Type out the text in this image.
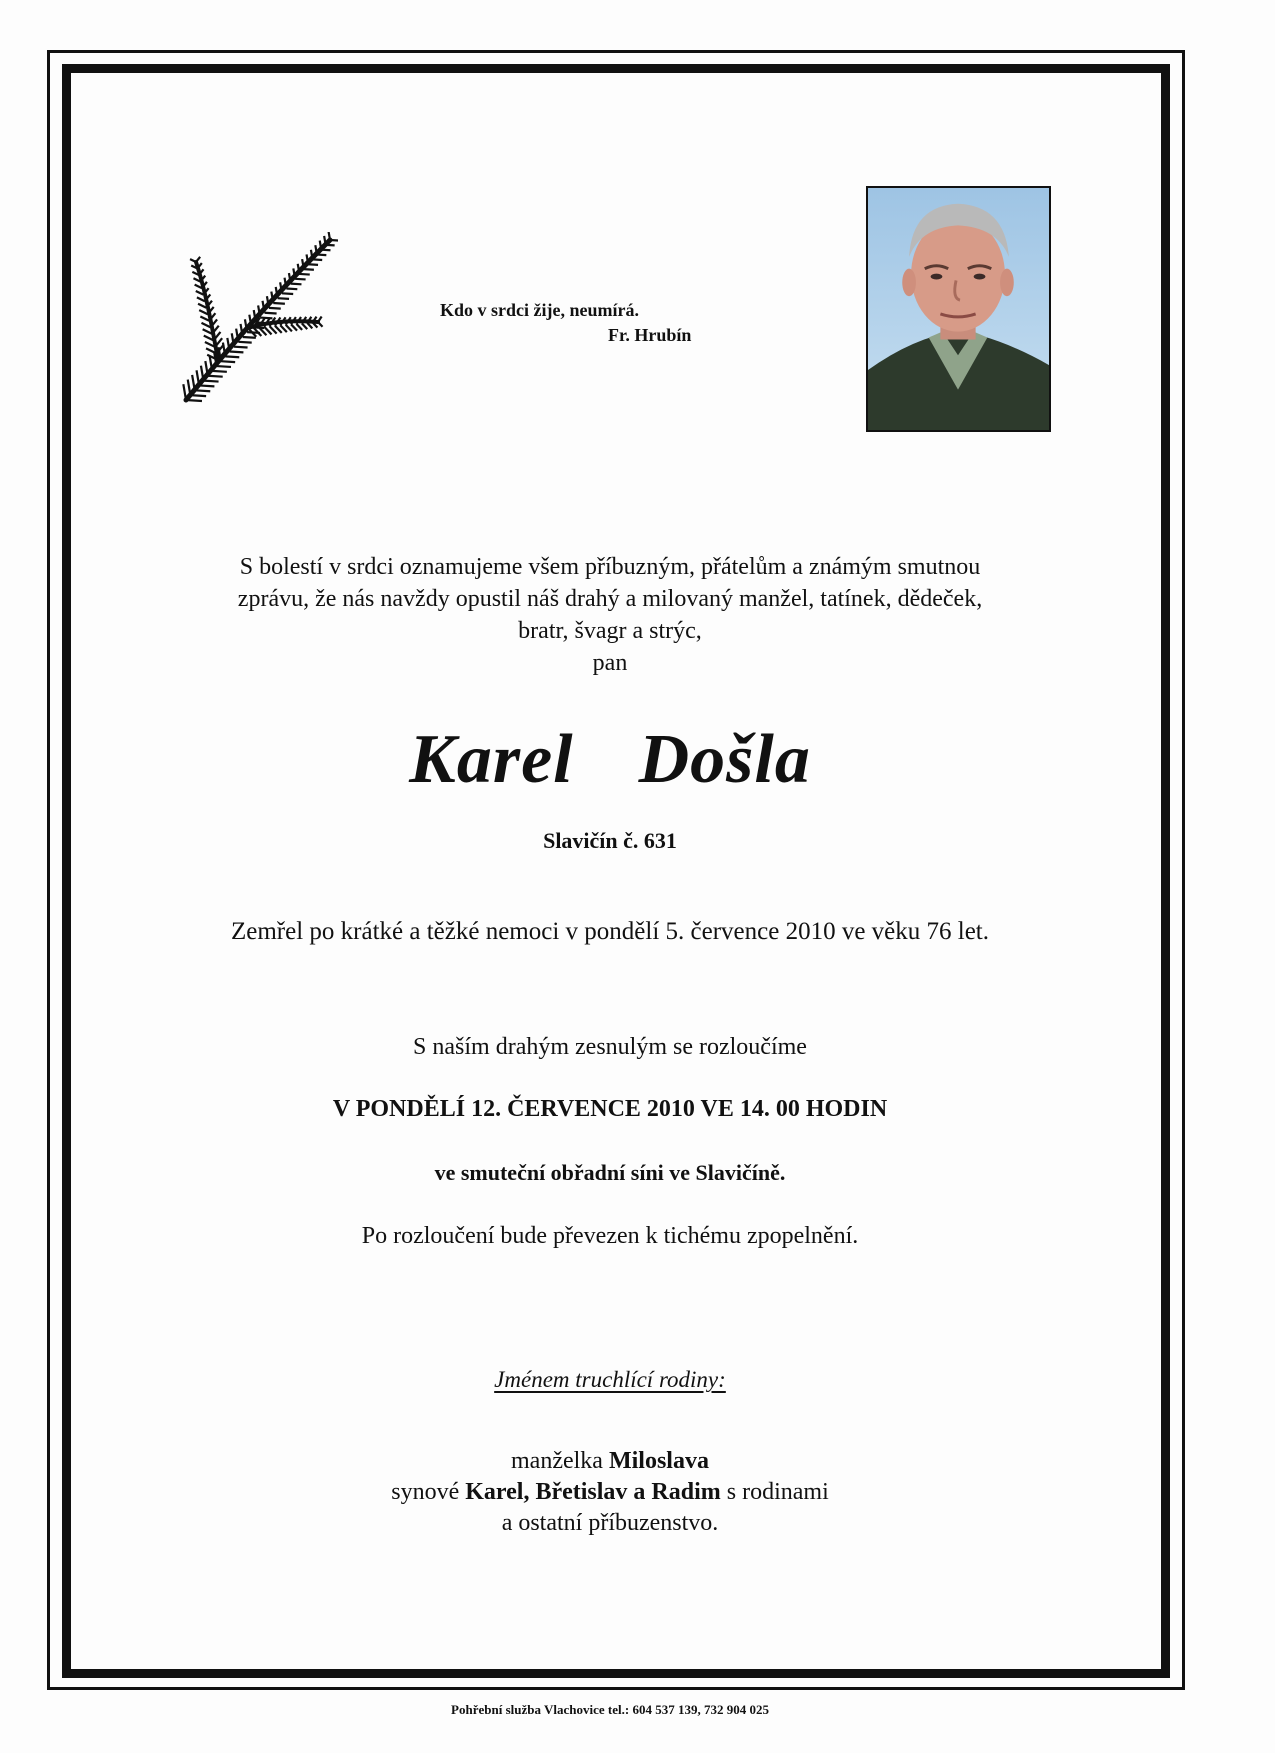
Kdo v srdci žije, neumírá.

Fr. Hrubín
S bolestí v srdci oznamujeme všem příbuzným, přátelům a známým smutnou
zprávu, že nás navždy opustil náš drahý a milovaný manžel, tatínek, dědeček,
bratr, švagr a strýc,
pan
Karel  Došla
Slavičín č. 631
Zemřel po krátké a těžké nemoci v pondělí 5. července 2010 ve věku 76 let.
S naším drahým zesnulým se rozloučíme
V PONDĚLÍ 12. ČERVENCE 2010 VE 14. 00 HODIN
ve smuteční obřadní síni ve Slavičíně.
Po rozloučení bude převezen k tichému zpopelnění.
Jménem truchlící rodiny:
manželka Miloslava
synové Karel, Břetislav a Radim s rodinami
a ostatní příbuzenstvo.
Pohřební služba Vlachovice tel.: 604 537 139, 732 904 025
